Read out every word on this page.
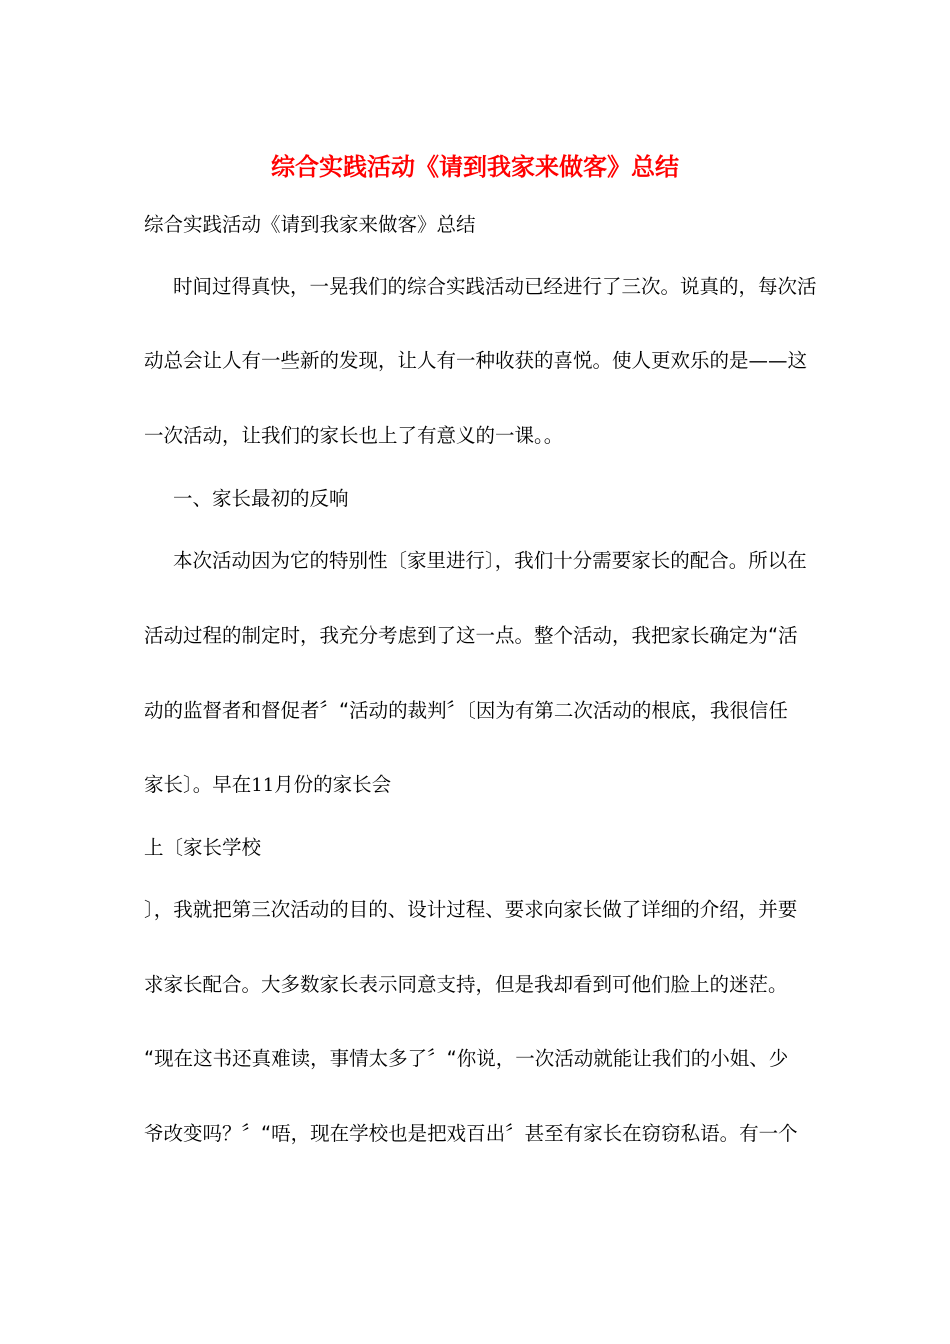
综合实践活动《请到我家来做客》总结

综合实践活动《请到我家来做客》总结

时间过得真快，一晃我们的综合实践活动已经进行了三次。说真的，每次活

动总会让人有一些新的发现，让人有一种收获的喜悦。使人更欢乐的是——这

一次活动，让我们的家长也上了有意义的一课。。

一、家长最初的反响

本次活动因为它的特别性〔家里进行〕，我们十分需要家长的配合。所以在

活动过程的制定时，我充分考虑到了这一点。整个活动，我把家长确定为“活

动的监督者和督促者〞“活动的裁判〞〔因为有第二次活动的根底，我很信任

家长〕。早在11月份的家长会

上〔家长学校

〕，我就把第三次活动的目的、设计过程、要求向家长做了详细的介绍，并要

求家长配合。大多数家长表示同意支持，但是我却看到可他们脸上的迷茫。

“现在这书还真难读，事情太多了〞“你说，一次活动就能让我们的小姐、少

爷改变吗？〞“唔，现在学校也是把戏百出〞甚至有家长在窃窃私语。有一个
